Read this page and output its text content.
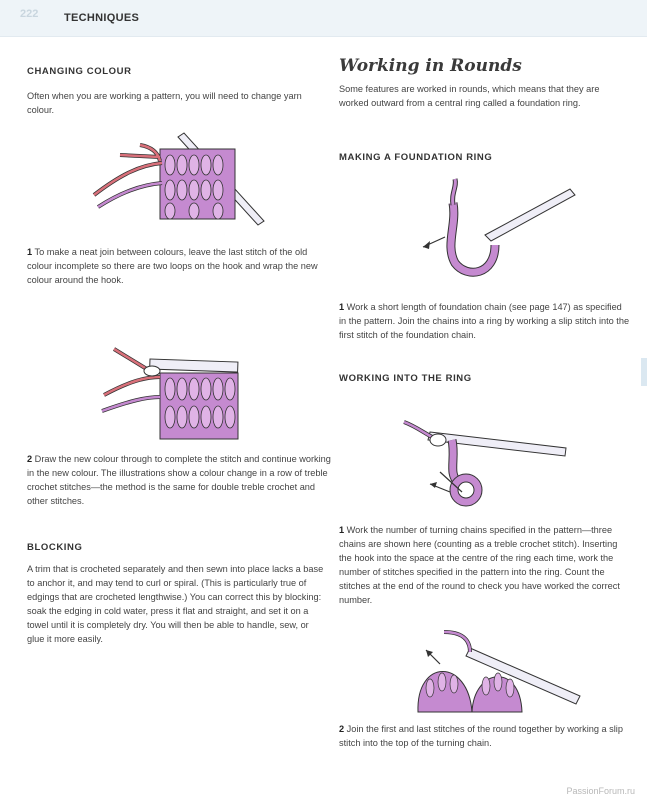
222 TECHNIQUES
CHANGING COLOUR

Often when you are working a pattern, you will need to change yarn colour.

1 To make a neat join between colours, leave the last stitch of the old colour incomplete so there are two loops on the hook and wrap the new colour around the hook.

2 Draw the new colour through to complete the stitch and continue working in the new colour. The illustrations show a colour change in a row of treble crochet stitches—the method is the same for double treble crochet and other stitches.

BLOCKING

A trim that is crocheted separately and then sewn into place lacks a base to anchor it, and may tend to curl or spiral. (This is particularly true of edgings that are crocheted lengthwise.) You can correct this by blocking: soak the edging in cold water, press it flat and straight, and set it on a towel until it is completely dry. You will then be able to handle, sew, or glue it more easily.

Working in Rounds

Some features are worked in rounds, which means that they are worked outward from a central ring called a foundation ring.

MAKING A FOUNDATION RING

1 Work a short length of foundation chain (see page 147) as specified in the pattern. Join the chains into a ring by working a slip stitch into the first stitch of the foundation chain.

WORKING INTO THE RING

1 Work the number of turning chains specified in the pattern—three chains are shown here (counting as a treble crochet stitch). Inserting the hook into the space at the centre of the ring each time, work the number of stitches specified in the pattern into the ring. Count the stitches at the end of the round to check you have worked the correct number.

2 Join the first and last stitches of the round together by working a slip stitch into the top of the turning chain.

PassionForum.ru
